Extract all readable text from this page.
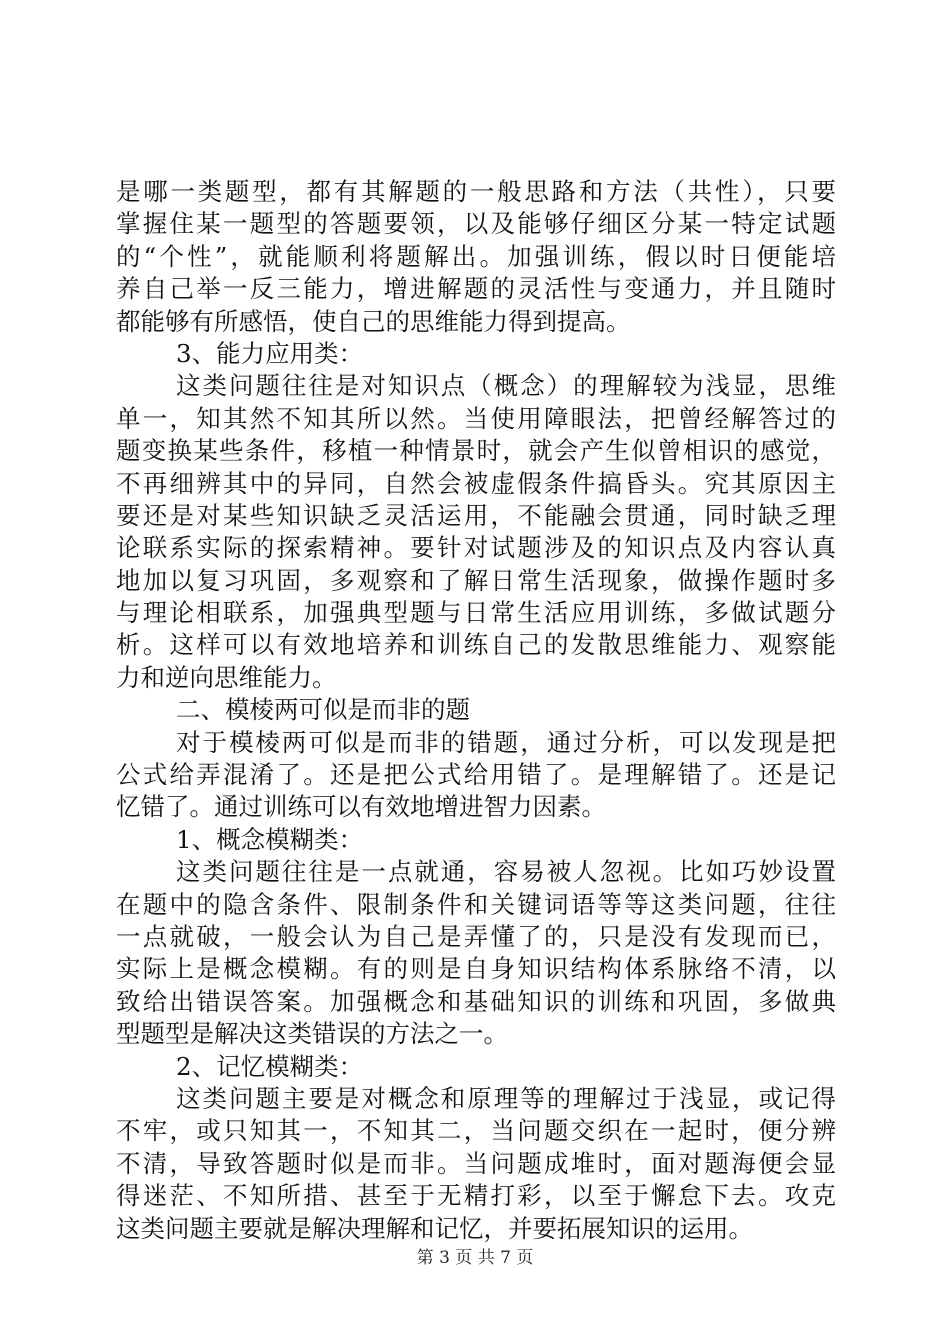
是哪一类题型，都有其解题的一般思路和方法（共性），只要
掌握住某一题型的答题要领，以及能够仔细区分某一特定试题
的“个性”，就能顺利将题解出。加强训练，假以时日便能培
养自己举一反三能力，增进解题的灵活性与变通力，并且随时
都能够有所感悟，使自己的思维能力得到提高。
3、能力应用类：
这类问题往往是对知识点（概念）的理解较为浅显，思维
单一，知其然不知其所以然。当使用障眼法，把曾经解答过的
题变换某些条件，移植一种情景时，就会产生似曾相识的感觉，
不再细辨其中的异同，自然会被虚假条件搞昏头。究其原因主
要还是对某些知识缺乏灵活运用，不能融会贯通，同时缺乏理
论联系实际的探索精神。要针对试题涉及的知识点及内容认真
地加以复习巩固，多观察和了解日常生活现象，做操作题时多
与理论相联系，加强典型题与日常生活应用训练，多做试题分
析。这样可以有效地培养和训练自己的发散思维能力、观察能
力和逆向思维能力。
二、模棱两可似是而非的题
对于模棱两可似是而非的错题，通过分析，可以发现是把
公式给弄混淆了。还是把公式给用错了。是理解错了。还是记
忆错了。通过训练可以有效地增进智力因素。
1、概念模糊类：
这类问题往往是一点就通，容易被人忽视。比如巧妙设置
在题中的隐含条件、限制条件和关键词语等等这类问题，往往
一点就破，一般会认为自己是弄懂了的，只是没有发现而已，
实际上是概念模糊。有的则是自身知识结构体系脉络不清，以
致给出错误答案。加强概念和基础知识的训练和巩固，多做典
型题型是解决这类错误的方法之一。
2、记忆模糊类：
这类问题主要是对概念和原理等的理解过于浅显，或记得
不牢，或只知其一，不知其二，当问题交织在一起时，便分辨
不清，导致答题时似是而非。当问题成堆时，面对题海便会显
得迷茫、不知所措、甚至于无精打彩，以至于懈怠下去。攻克
这类问题主要就是解决理解和记忆，并要拓展知识的运用。
第 3 页 共 7 页
